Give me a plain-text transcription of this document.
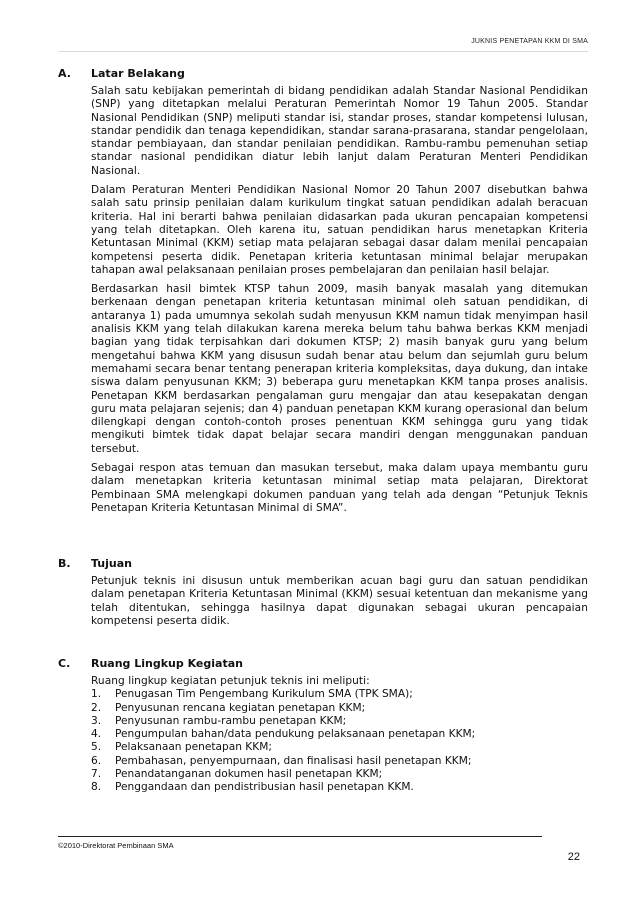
JUKNIS PENETAPAN KKM DI SMA
A.	Latar Belakang

Salah satu kebijakan pemerintah di bidang pendidikan adalah Standar Nasional Pendidikan (SNP) yang ditetapkan melalui Peraturan Pemerintah Nomor 19 Tahun 2005. Standar Nasional Pendidikan (SNP) meliputi standar isi, standar proses, standar kompetensi lulusan, standar pendidik dan tenaga kependidikan, standar sarana-prasarana, standar pengelolaan, standar pembiayaan, dan standar penilaian pendidikan. Rambu-rambu pemenuhan setiap standar nasional pendidikan diatur lebih lanjut dalam Peraturan Menteri Pendidikan Nasional.

Dalam Peraturan Menteri Pendidikan Nasional Nomor 20 Tahun 2007 disebutkan bahwa salah satu prinsip penilaian dalam kurikulum tingkat satuan pendidikan adalah beracuan kriteria. Hal ini berarti bahwa penilaian didasarkan pada ukuran pencapaian kompetensi yang telah ditetapkan. Oleh karena itu, satuan pendidikan harus menetapkan Kriteria Ketuntasan Minimal (KKM) setiap mata pelajaran sebagai dasar dalam menilai pencapaian kompetensi peserta didik. Penetapan kriteria ketuntasan minimal belajar merupakan tahapan awal pelaksanaan penilaian proses pembelajaran dan penilaian hasil belajar.

Berdasarkan hasil bimtek KTSP tahun 2009, masih banyak masalah yang ditemukan berkenaan dengan penetapan kriteria ketuntasan minimal oleh satuan pendidikan, di antaranya 1) pada umumnya sekolah sudah menyusun KKM namun tidak menyimpan hasil analisis KKM yang telah dilakukan karena mereka belum tahu bahwa berkas KKM menjadi bagian yang tidak terpisahkan dari dokumen KTSP; 2) masih banyak guru yang belum mengetahui bahwa KKM yang disusun sudah benar atau belum dan sejumlah guru belum memahami secara benar tentang penerapan kriteria kompleksitas, daya dukung, dan intake siswa dalam penyusunan KKM; 3) beberapa guru menetapkan KKM tanpa proses analisis. Penetapan KKM berdasarkan pengalaman guru mengajar dan atau kesepakatan dengan guru mata pelajaran sejenis; dan 4) panduan penetapan KKM kurang operasional dan belum dilengkapi dengan contoh-contoh proses penentuan KKM sehingga guru yang tidak mengikuti bimtek tidak dapat belajar secara mandiri dengan menggunakan panduan tersebut.

Sebagai respon atas temuan dan masukan tersebut, maka dalam upaya membantu guru dalam menetapkan kriteria ketuntasan minimal setiap mata pelajaran, Direktorat Pembinaan SMA melengkapi dokumen panduan yang telah ada dengan “Petunjuk Teknis Penetapan Kriteria Ketuntasan Minimal di SMA”.

B.	Tujuan

Petunjuk teknis ini disusun untuk memberikan acuan bagi guru dan satuan pendidikan dalam penetapan Kriteria Ketuntasan Minimal (KKM) sesuai ketentuan dan mekanisme yang telah ditentukan, sehingga hasilnya dapat digunakan sebagai ukuran pencapaian kompetensi peserta didik.

C.	Ruang Lingkup Kegiatan

Ruang lingkup kegiatan petunjuk teknis ini meliputi:

1.	Penugasan Tim Pengembang Kurikulum SMA (TPK SMA);
2.	Penyusunan rencana kegiatan penetapan KKM;
3.	Penyusunan rambu-rambu penetapan KKM;
4.	Pengumpulan bahan/data pendukung pelaksanaan penetapan KKM;
5.	Pelaksanaan penetapan KKM;
6.	Pembahasan, penyempurnaan, dan finalisasi hasil penetapan KKM;
7.	Penandatanganan dokumen hasil penetapan KKM;
8.	Penggandaan dan pendistribusian hasil penetapan KKM.
©2010-Direktorat Pembinaan SMA
22
